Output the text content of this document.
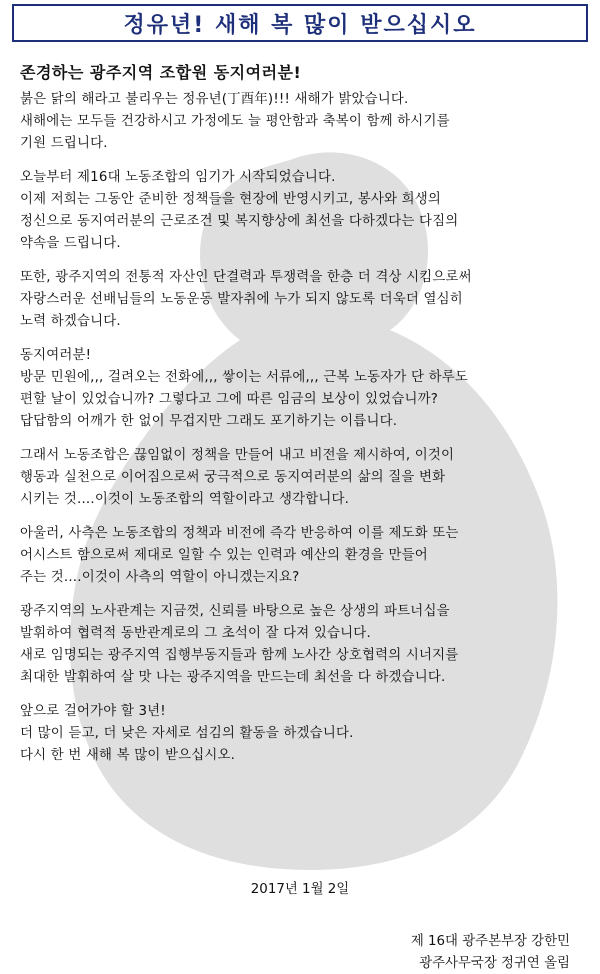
정유년! 새해 복 많이 받으십시오
존경하는 광주지역 조합원 동지여러분!
붉은 닭의 해라고 불리우는 정유년(丁酉年)!!! 새해가 밝았습니다.
새해에는 모두들 건강하시고 가정에도 늘 평안함과 축복이 함께 하시기를
기원 드립니다.
오늘부터 제16대 노동조합의 임기가 시작되었습니다.
이제 저희는 그동안 준비한 정책들을 현장에 반영시키고, 봉사와 희생의
정신으로 동지여러분의 근로조건 및 복지향상에 최선을 다하겠다는 다짐의
약속을 드립니다.
또한, 광주지역의 전통적 자산인 단결력과 투쟁력을 한층 더 격상 시킴으로써
자랑스러운 선배님들의 노동운동 발자취에 누가 되지 않도록 더욱더 열심히
노력 하겠습니다.
동지여러분!
방문 민원에,,, 걸려오는 전화에,,, 쌓이는 서류에,,, 근복 노동자가 단 하루도
편할 날이 있었습니까? 그렇다고 그에 따른 임금의 보상이 있었습니까?
답답함의 어깨가 한 없이 무겁지만 그래도 포기하기는 이릅니다.
그래서 노동조합은 끊임없이 정책을 만들어 내고 비전을 제시하여, 이것이
행동과 실천으로 이어짐으로써 궁극적으로 동지여러분의 삶의 질을 변화
시키는 것....이것이 노동조합의 역할이라고 생각합니다.
아울러, 사측은 노동조합의 정책과 비전에 즉각 반응하여 이를 제도화 또는
어시스트 함으로써 제대로 일할 수 있는 인력과 예산의 환경을 만들어
주는 것....이것이 사측의 역할이 아니겠는지요?
광주지역의 노사관계는 지금껏, 신뢰를 바탕으로 높은 상생의 파트너십을
발휘하여 협력적 동반관계로의 그 초석이 잘 다져 있습니다.
새로 임명되는 광주지역 집행부동지들과 함께 노사간 상호협력의 시너지를
최대한 발휘하여 살 맛 나는 광주지역을 만드는데 최선을 다 하겠습니다.
앞으로 걸어가야 할 3년!
더 많이 듣고, 더 낮은 자세로 섬김의 활동을 하겠습니다.
다시 한 번 새해 복 많이 받으십시오.
2017년 1월 2일
제 16대 광주본부장 강한민
광주사무국장 정귀연 올림
